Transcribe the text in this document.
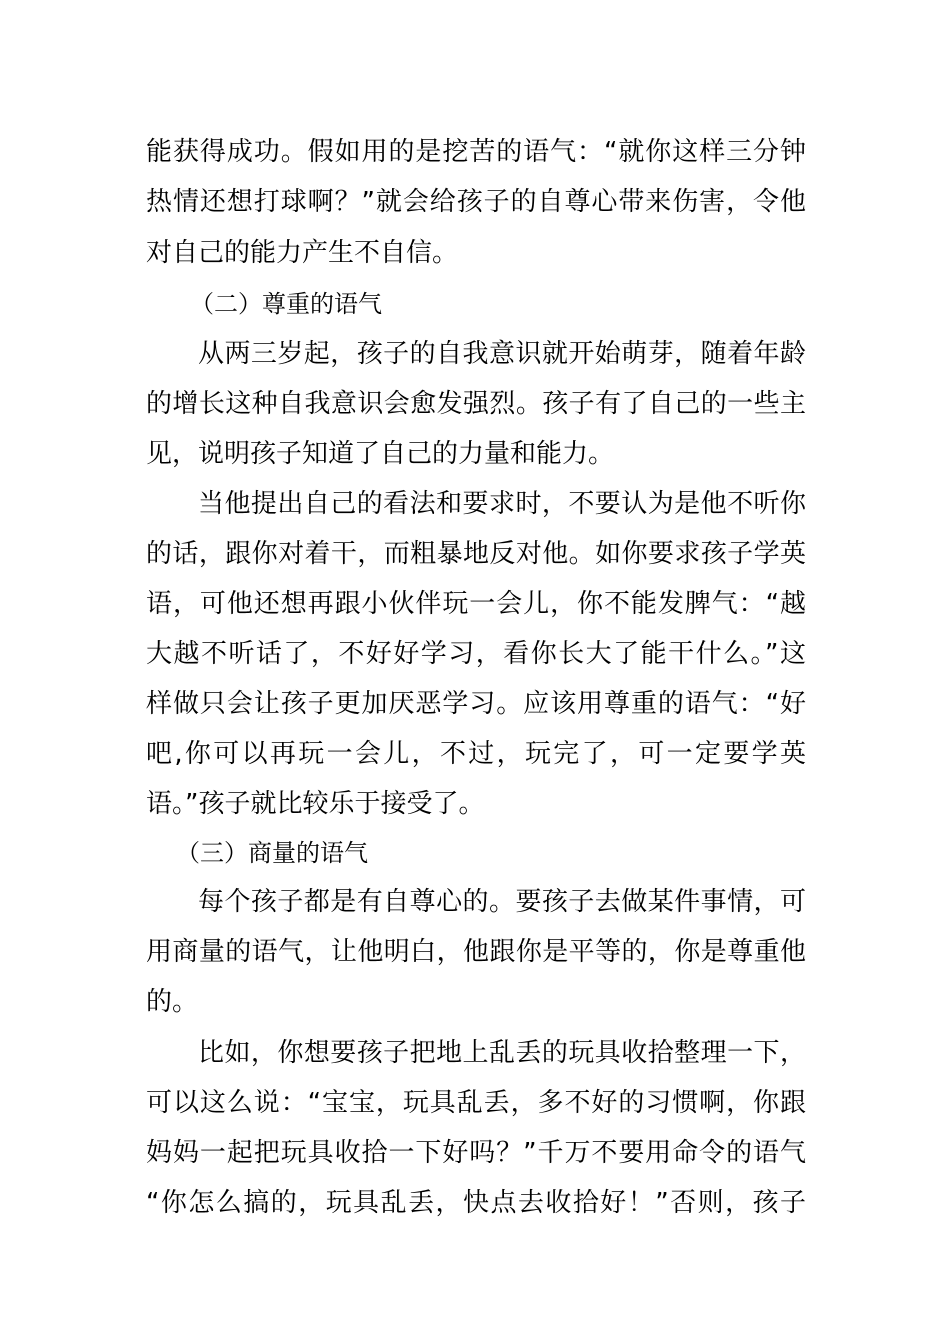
能获得成功。假如用的是挖苦的语气：“就你这样三分钟
热情还想打球啊？”就会给孩子的自尊心带来伤害，令他
对自己的能力产生不自信。
（二）尊重的语气
从两三岁起，孩子的自我意识就开始萌芽，随着年龄
的增长这种自我意识会愈发强烈。孩子有了自己的一些主
见，说明孩子知道了自己的力量和能力。
当他提出自己的看法和要求时，不要认为是他不听你
的话，跟你对着干，而粗暴地反对他。如你要求孩子学英
语，可他还想再跟小伙伴玩一会儿，你不能发脾气：“越
大越不听话了，不好好学习，看你长大了能干什么。”这
样做只会让孩子更加厌恶学习。应该用尊重的语气：“好
吧,你可以再玩一会儿，不过，玩完了，可一定要学英
语。”孩子就比较乐于接受了。
（三）商量的语气
每个孩子都是有自尊心的。要孩子去做某件事情，可
用商量的语气，让他明白，他跟你是平等的，你是尊重他
的。
比如，你想要孩子把地上乱丢的玩具收拾整理一下，
可以这么说：“宝宝，玩具乱丢，多不好的习惯啊，你跟
妈妈一起把玩具收拾一下好吗？”千万不要用命令的语气
“你怎么搞的，玩具乱丢，快点去收拾好！”否则，孩子
